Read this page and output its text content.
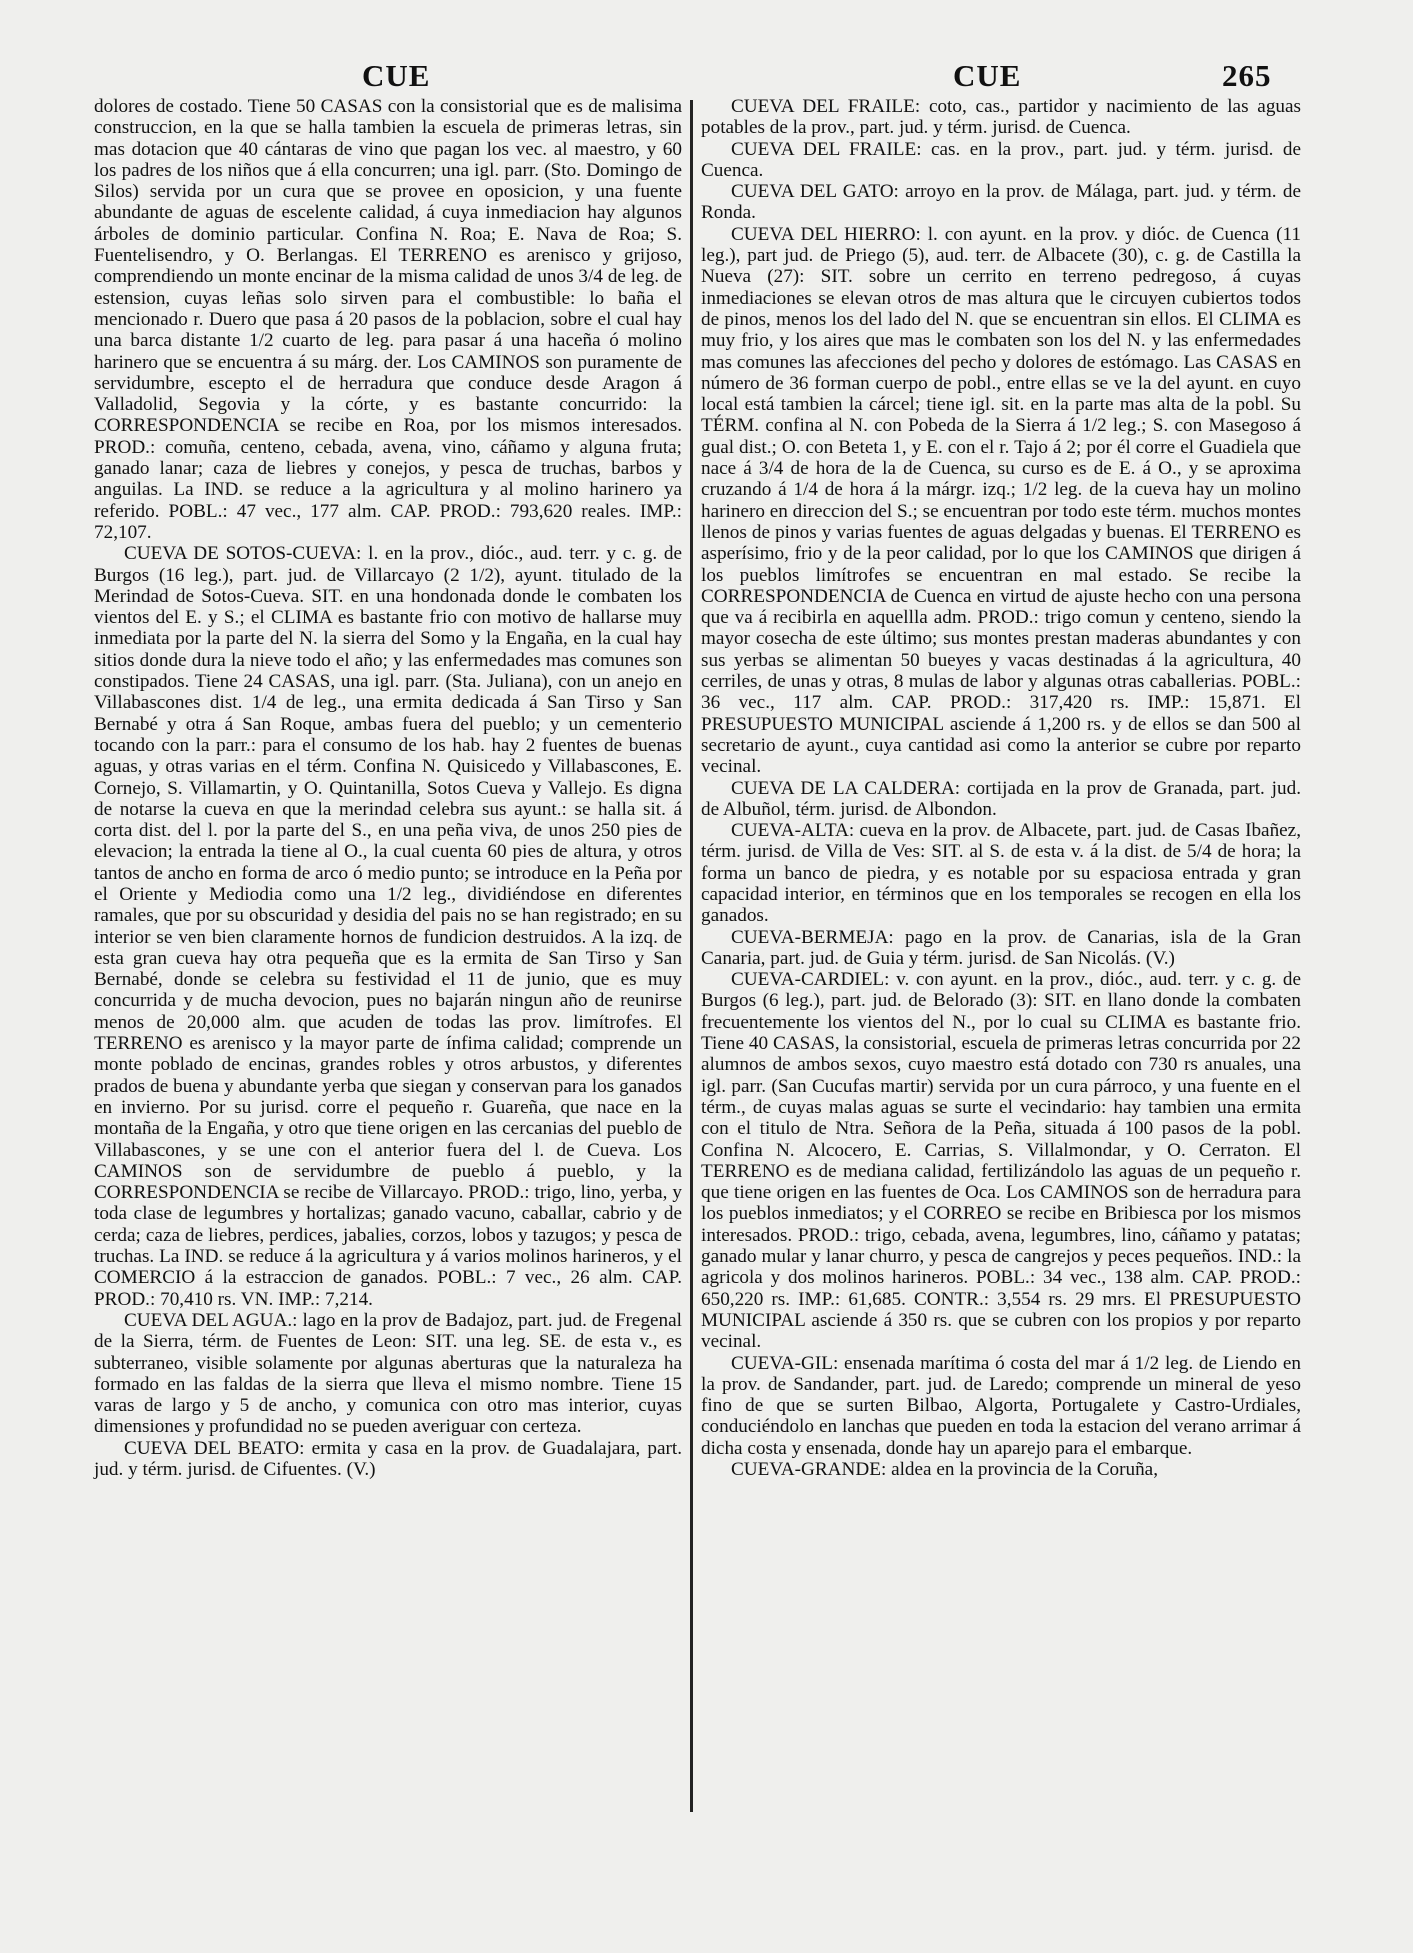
CUE	CUE	265

dolores de costado. Tiene 50 CASAS con la consistorial que es de malisima construccion, en la que se halla tambien la escuela de primeras letras, sin mas dotacion que 40 cántaras de vino que pagan los vec. al maestro, y 60 los padres de los niños que á ella concurren; una igl. parr. (Sto. Domingo de Silos) servida por un cura que se provee en oposicion, y una fuente abundante de aguas de escelente calidad, á cuya inmediacion hay algunos árboles de dominio particular. Confina N. Roa; E. Nava de Roa; S. Fuentelisendro, y O. Berlangas. El TERRENO es arenisco y grijoso, comprendiendo un monte encinar de la misma calidad de unos 3/4 de leg. de estension, cuyas leñas solo sirven para el combustible: lo baña el mencionado r. Duero que pasa á 20 pasos de la poblacion, sobre el cual hay una barca distante 1/2 cuarto de leg. para pasar á una haceña ó molino harinero que se encuentra á su márg. der. Los CAMINOS son puramente de servidumbre, escepto el de herradura que conduce desde Aragon á Valladolid, Segovia y la córte, y es bastante concurrido: la CORRESPONDENCIA se recibe en Roa, por los mismos interesados. PROD.: comuña, centeno, cebada, avena, vino, cáñamo y alguna fruta; ganado lanar; caza de liebres y conejos, y pesca de truchas, barbos y anguilas. La IND. se reduce a la agricultura y al molino harinero ya referido. POBL.: 47 vec., 177 alm. CAP. PROD.: 793,620 reales. IMP.: 72,107.

CUEVA DE SOTOS-CUEVA: l. en la prov., dióc., aud. terr. y c. g. de Burgos (16 leg.), part. jud. de Villarcayo (2 1/2), ayunt. titulado de la Merindad de Sotos-Cueva. SIT. en una hondonada donde le combaten los vientos del E. y S.; el CLIMA es bastante frio con motivo de hallarse muy inmediata por la parte del N. la sierra del Somo y la Engaña, en la cual hay sitios donde dura la nieve todo el año; y las enfermedades mas comunes son constipados. Tiene 24 CASAS, una igl. parr. (Sta. Juliana), con un anejo en Villabascones dist. 1/4 de leg., una ermita dedicada á San Tirso y San Bernabé y otra á San Roque, ambas fuera del pueblo; y un cementerio tocando con la parr.: para el consumo de los hab. hay 2 fuentes de buenas aguas, y otras varias en el térm. Confina N. Quisicedo y Villabascones, E. Cornejo, S. Villamartin, y O. Quintanilla, Sotos Cueva y Vallejo. Es digna de notarse la cueva en que la merindad celebra sus ayunt.: se halla sit. á corta dist. del l. por la parte del S., en una peña viva, de unos 250 pies de elevacion; la entrada la tiene al O., la cual cuenta 60 pies de altura, y otros tantos de ancho en forma de arco ó medio punto; se introduce en la Peña por el Oriente y Mediodia como una 1/2 leg., dividiéndose en diferentes ramales, que por su obscuridad y desidia del pais no se han registrado; en su interior se ven bien claramente hornos de fundicion destruidos. A la izq. de esta gran cueva hay otra pequeña que es la ermita de San Tirso y San Bernabé, donde se celebra su festividad el 11 de junio, que es muy concurrida y de mucha devocion, pues no bajarán ningun año de reunirse menos de 20,000 alm. que acuden de todas las prov. limítrofes. El TERRENO es arenisco y la mayor parte de ínfima calidad; comprende un monte poblado de encinas, grandes robles y otros arbustos, y diferentes prados de buena y abundante yerba que siegan y conservan para los ganados en invierno. Por su jurisd. corre el pequeño r. Guareña, que nace en la montaña de la Engaña, y otro que tiene origen en las cercanias del pueblo de Villabascones, y se une con el anterior fuera del l. de Cueva. Los CAMINOS son de servidumbre de pueblo á pueblo, y la CORRESPONDENCIA se recibe de Villarcayo. PROD.: trigo, lino, yerba, y toda clase de legumbres y hortalizas; ganado vacuno, caballar, cabrio y de cerda; caza de liebres, perdices, jabalies, corzos, lobos y tazugos; y pesca de truchas. La IND. se reduce á la agricultura y á varios molinos harineros, y el COMERCIO á la estraccion de ganados. POBL.: 7 vec., 26 alm. CAP. PROD.: 70,410 rs. VN. IMP.: 7,214.

CUEVA DEL AGUA.: lago en la prov de Badajoz, part. jud. de Fregenal de la Sierra, térm. de Fuentes de Leon: SIT. una leg. SE. de esta v., es subterraneo, visible solamente por algunas aberturas que la naturaleza ha formado en las faldas de la sierra que lleva el mismo nombre. Tiene 15 varas de largo y 5 de ancho, y comunica con otro mas interior, cuyas dimensiones y profundidad no se pueden averiguar con certeza.

CUEVA DEL BEATO: ermita y casa en la prov. de Guadalajara, part. jud. y térm. jurisd. de Cifuentes. (V.)

CUEVA DEL FRAILE: coto, cas., partidor y nacimiento de las aguas potables de la prov., part. jud. y térm. jurisd. de Cuenca.

CUEVA DEL FRAILE: cas. en la prov., part. jud. y térm. jurisd. de Cuenca.

CUEVA DEL GATO: arroyo en la prov. de Málaga, part. jud. y térm. de Ronda.

CUEVA DEL HIERRO: l. con ayunt. en la prov. y dióc. de Cuenca (11 leg.), part jud. de Priego (5), aud. terr. de Albacete (30), c. g. de Castilla la Nueva (27): SIT. sobre un cerrito en terreno pedregoso, á cuyas inmediaciones se elevan otros de mas altura que le circuyen cubiertos todos de pinos, menos los del lado del N. que se encuentran sin ellos. El CLIMA es muy frio, y los aires que mas le combaten son los del N. y las enfermedades mas comunes las afecciones del pecho y dolores de estómago. Las CASAS en número de 36 forman cuerpo de pobl., entre ellas se ve la del ayunt. en cuyo local está tambien la cárcel; tiene igl. sit. en la parte mas alta de la pobl. Su TÉRM. confina al N. con Pobeda de la Sierra á 1/2 leg.; S. con Masegoso á gual dist.; O. con Beteta 1, y E. con el r. Tajo á 2; por él corre el Guadiela que nace á 3/4 de hora de la de Cuenca, su curso es de E. á O., y se aproxima cruzando á 1/4 de hora á la márgr. izq.; 1/2 leg. de la cueva hay un molino harinero en direccion del S.; se encuentran por todo este térm. muchos montes llenos de pinos y varias fuentes de aguas delgadas y buenas. El TERRENO es asperísimo, frio y de la peor calidad, por lo que los CAMINOS que dirigen á los pueblos limítrofes se encuentran en mal estado. Se recibe la CORRESPONDENCIA de Cuenca en virtud de ajuste hecho con una persona que va á recibirla en aquellla adm. PROD.: trigo comun y centeno, siendo la mayor cosecha de este último; sus montes prestan maderas abundantes y con sus yerbas se alimentan 50 bueyes y vacas destinadas á la agricultura, 40 cerriles, de unas y otras, 8 mulas de labor y algunas otras caballerias. POBL.: 36 vec., 117 alm. CAP. PROD.: 317,420 rs. IMP.: 15,871. El PRESUPUESTO MUNICIPAL asciende á 1,200 rs. y de ellos se dan 500 al secretario de ayunt., cuya cantidad asi como la anterior se cubre por reparto vecinal.

CUEVA DE LA CALDERA: cortijada en la prov de Granada, part. jud. de Albuñol, térm. jurisd. de Albondon.

CUEVA-ALTA: cueva en la prov. de Albacete, part. jud. de Casas Ibañez, térm. jurisd. de Villa de Ves: SIT. al S. de esta v. á la dist. de 5/4 de hora; la forma un banco de piedra, y es notable por su espaciosa entrada y gran capacidad interior, en términos que en los temporales se recogen en ella los ganados.

CUEVA-BERMEJA: pago en la prov. de Canarias, isla de la Gran Canaria, part. jud. de Guia y térm. jurisd. de San Nicolás. (V.)

CUEVA-CARDIEL: v. con ayunt. en la prov., dióc., aud. terr. y c. g. de Burgos (6 leg.), part. jud. de Belorado (3): SIT. en llano donde la combaten frecuentemente los vientos del N., por lo cual su CLIMA es bastante frio. Tiene 40 CASAS, la consistorial, escuela de primeras letras concurrida por 22 alumnos de ambos sexos, cuyo maestro está dotado con 730 rs anuales, una igl. parr. (San Cucufas martir) servida por un cura párroco, y una fuente en el térm., de cuyas malas aguas se surte el vecindario: hay tambien una ermita con el titulo de Ntra. Señora de la Peña, situada á 100 pasos de la pobl. Confina N. Alcocero, E. Carrias, S. Villalmondar, y O. Cerraton. El TERRENO es de mediana calidad, fertilizándolo las aguas de un pequeño r. que tiene origen en las fuentes de Oca. Los CAMINOS son de herradura para los pueblos inmediatos; y el CORREO se recibe en Bribiesca por los mismos interesados. PROD.: trigo, cebada, avena, legumbres, lino, cáñamo y patatas; ganado mular y lanar churro, y pesca de cangrejos y peces pequeños. IND.: la agricola y dos molinos harineros. POBL.: 34 vec., 138 alm. CAP. PROD.: 650,220 rs. IMP.: 61,685. CONTR.: 3,554 rs. 29 mrs. El PRESUPUESTO MUNICIPAL asciende á 350 rs. que se cubren con los propios y por reparto vecinal.

CUEVA-GIL: ensenada marítima ó costa del mar á 1/2 leg. de Liendo en la prov. de Sandander, part. jud. de Laredo; comprende un mineral de yeso fino de que se surten Bilbao, Algorta, Portugalete y Castro-Urdiales, conduciéndolo en lanchas que pueden en toda la estacion del verano arrimar á dicha costa y ensenada, donde hay un aparejo para el embarque.

CUEVA-GRANDE: aldea en la provincia de la Coruña,
